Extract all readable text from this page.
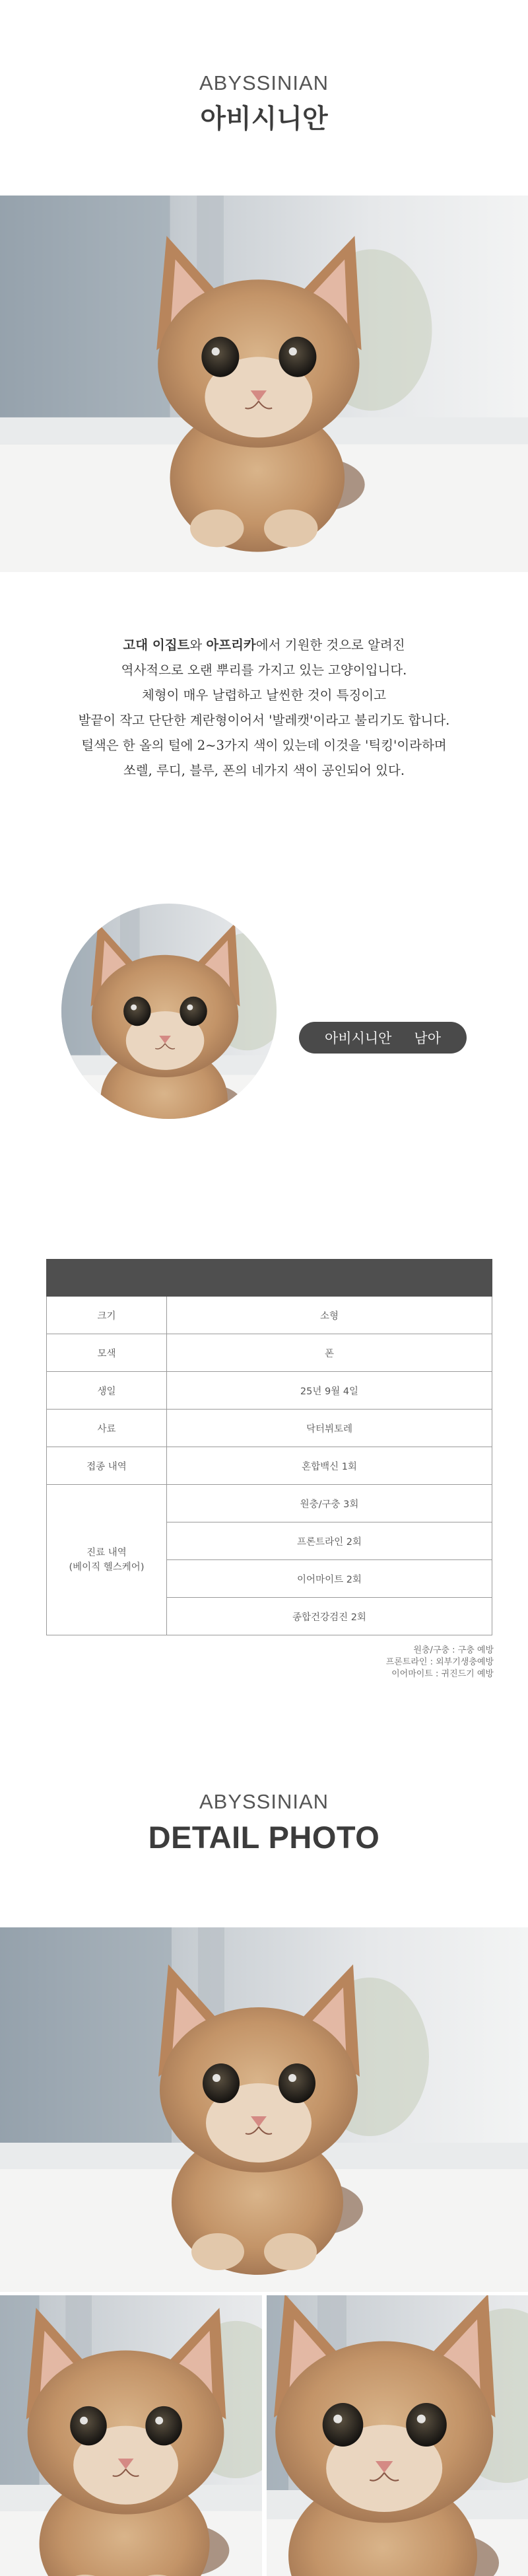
ABYSSINIAN
아비시니안
고대 이집트와 아프리카에서 기원한 것으로 알려진
역사적으로 오랜 뿌리를 가지고 있는 고양이입니다.
체형이 매우 날렵하고 날씬한 것이 특징이고
발끝이 작고 단단한 계란형이어서 '발레캣'이라고 불리기도 합니다.
털색은 한 올의 털에 2~3가지 색이 있는데 이것을 '틱킹'이라하며
쏘렐, 루디, 블루, 폰의 네가지 색이 공인되어 있다.
아비시니안 남아

크기	소형
모색	폰
생일	25년 9월 4일
사료	닥터뷔토레
접종 내역	혼합백신 1회

진료 내역
(베이직 헬스케어)	원충/구충 3회
	프론트라인 2회
	이어마이트 2회
	종합건강검진 2회
원충/구충 : 구충 예방
프론트라인 : 외부기생충예방
이어마이트 : 귀진드기 예방
ABYSSINIAN
DETAIL PHOTO
